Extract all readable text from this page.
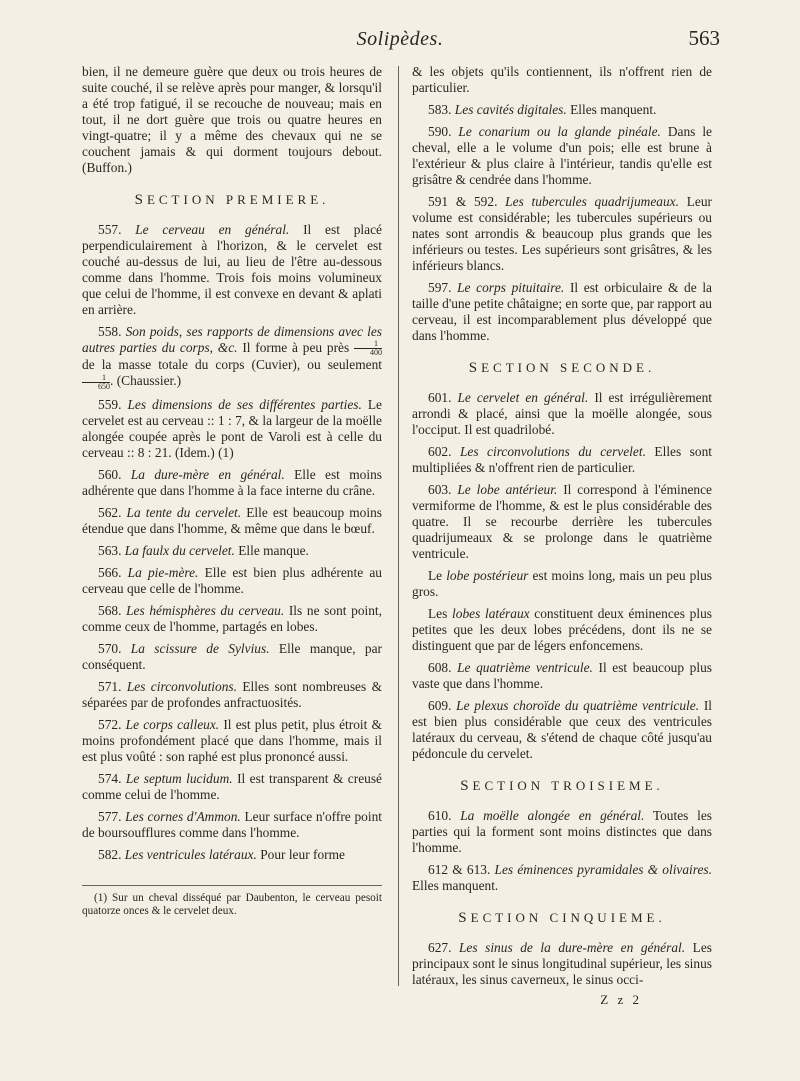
Solipèdes.	563

bien, il ne demeure guère que deux ou trois heures de suite couché, il se relève après pour manger, & lorsqu'il a été trop fatigué, il se recouche de nouveau; mais en tout, il ne dort guère que trois ou quatre heures en vingt-quatre; il y a même des chevaux qui ne se couchent jamais & qui dorment toujours debout. (Buffon.)

SECTION PREMIERE.

557. Le cerveau en général. Il est placé perpendiculairement à l'horizon, & le cervelet est couché au-dessus de lui, au lieu de l'être au-dessous comme dans l'homme. Trois fois moins volumineux que celui de l'homme, il est convexe en devant & aplati en arrière.

558. Son poids, ses rapports de dimensions avec les autres parties du corps, &c. Il forme à peu près $\frac{1}{400}$
de la masse totale du corps (Cuvier), ou seulement
$\frac{1}{650}$ . (Chaussier.)

559. Les dimensions de ses différentes parties. Le cervelet est au cerveau :: 1 : 7, & la largeur de la moëlle alongée coupée après le pont de Varoli est à celle du cerveau :: 8 : 21. (Idem.) (1)

560. La dure-mère en général. Elle est moins adhérente que dans l'homme à la face interne du crâne.

562. La tente du cervelet. Elle est beaucoup moins étendue que dans l'homme, & même que dans le bœuf.

563. La faulx du cervelet. Elle manque.

566. La pie-mère. Elle est bien plus adhérente au cerveau que celle de l'homme.

568. Les hémisphères du cerveau. Ils ne sont point, comme ceux de l'homme, partagés en lobes.

570. La scissure de Sylvius. Elle manque, par conséquent.

571. Les circonvolutions. Elles sont nombreuses & séparées par de profondes anfractuosités.

572. Le corps calleux. Il est plus petit, plus étroit & moins profondément placé que dans l'homme, mais il est plus voûté : son raphé est plus prononcé aussi.

574. Le septum lucidum. Il est transparent & creusé comme celui de l'homme.

577. Les cornes d'Ammon. Leur surface n'offre point de boursoufflures comme dans l'homme.

582. Les ventricules latéraux. Pour leur forme

(1) Sur un cheval disséqué par Daubenton, le cerveau pesoit quatorze onces & le cervelet deux.

& les objets qu'ils contiennent, ils n'offrent rien de particulier.

583. Les cavités digitales. Elles manquent.

590. Le conarium ou la glande pinéale. Dans le cheval, elle a le volume d'un pois; elle est brune à l'extérieur & plus claire à l'intérieur, tandis qu'elle est grisâtre & cendrée dans l'homme.

591 & 592. Les tubercules quadrijumeaux. Leur volume est considérable; les tubercules supérieurs ou nates sont arrondis & beaucoup plus grands que les inférieurs ou testes. Les supérieurs sont grisâtres, & les inférieurs blancs.

597. Le corps pituitaire. Il est orbiculaire & de la taille d'une petite châtaigne; en sorte que, par rapport au cerveau, il est incomparablement plus développé que dans l'homme.

SECTION SECONDE.

601. Le cervelet en général. Il est irrégulièrement arrondi & placé, ainsi que la moëlle alongée, sous l'occiput. Il est quadrilobé.

602. Les circonvolutions du cervelet. Elles sont multipliées & n'offrent rien de particulier.

603. Le lobe antérieur. Il correspond à l'éminence vermiforme de l'homme, & est le plus considérable des quatre. Il se recourbe derrière les tubercules quadrijumeaux & se prolonge dans le quatrième ventricule.

Le lobe postérieur est moins long, mais un peu plus gros.

Les lobes latéraux constituent deux éminences plus petites que les deux lobes précédens, dont ils ne se distinguent que par de légers enfoncemens.

608. Le quatrième ventricule. Il est beaucoup plus vaste que dans l'homme.

609. Le plexus choroïde du quatrième ventricule. Il est bien plus considérable que ceux des ventricules latéraux du cerveau, & s'étend de chaque côté jusqu'au pédoncule du cervelet.

SECTION TROISIEME.

610. La moëlle alongée en général. Toutes les parties qui la forment sont moins distinctes que dans l'homme.

612 & 613. Les éminences pyramidales & olivaires. Elles manquent.

SECTION CINQUIEME.

627. Les sinus de la dure-mère en général. Les principaux sont le sinus longitudinal supérieur, les sinus latéraux, les sinus caverneux, le sinus occi-

Z z 2
